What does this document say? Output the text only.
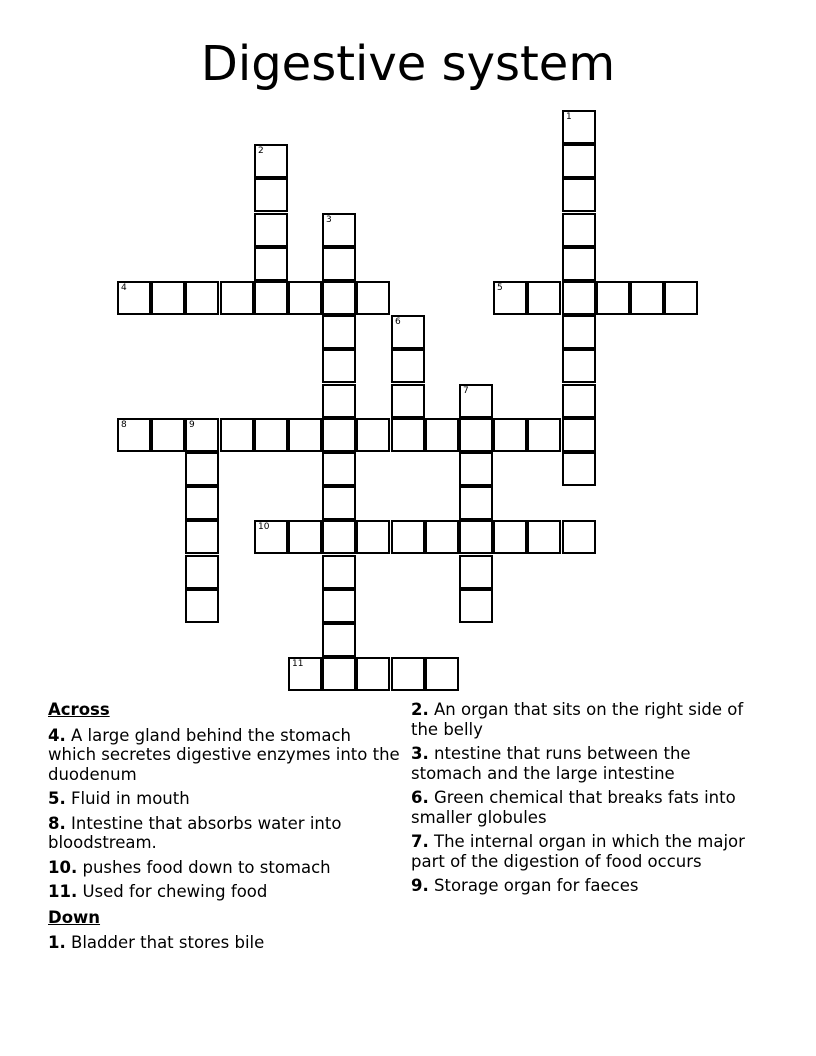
Digestive system
1
2
3
4	5
6
7
8	9
10
11
Across
4. A large gland behind the stomach which secretes digestive enzymes into the duodenum
5. Fluid in mouth
8. Intestine that absorbs water into bloodstream.
10. pushes food down to stomach
11. Used for chewing food
Down
1. Bladder that stores bile
2. An organ that sits on the right side of the belly
3. ntestine that runs between the stomach and the large intestine
6. Green chemical that breaks fats into smaller globules
7. The internal organ in which the major part of the digestion of food occurs
9. Storage organ for faeces
